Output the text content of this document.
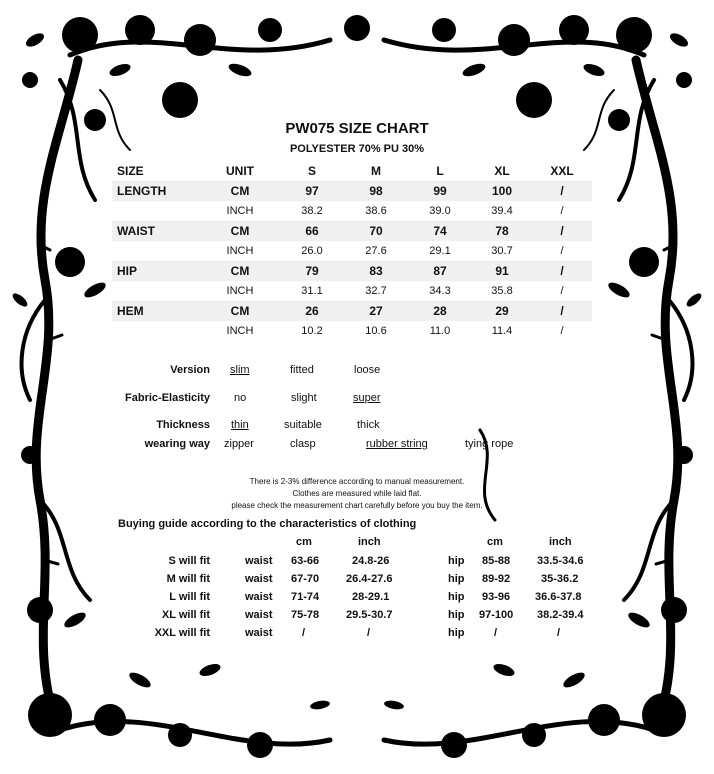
PW075 SIZE CHART
POLYESTER 70% PU 30%
SIZE	UNIT	S	M	L	XL	XXL
LENGTH	CM	97	98	99	100	/
	INCH	38.2	38.6	39.0	39.4	/
WAIST	CM	66	70	74	78	/
	INCH	26.0	27.6	29.1	30.7	/
HIP	CM	79	83	87	91	/
	INCH	31.1	32.7	34.3	35.8	/
HEM	CM	26	27	28	29	/
	INCH	10.2	10.6	11.0	11.4	/
Version slim	fitted	loose
Fabric-Elasticity no	slight	super
Thickness thin	suitable	thick
wearing way zipper	clasp	rubber string	tying rope
There is 2-3% difference according to manual measurement.
Clothes are measured while laid flat.
please check the measurement chart carefully before you buy the item.
Buying guide according to the characteristics of clothing
cm	inch	cm	inch
S will fit	waist 63-66	24.8-26	hip 85-88 33.5-34.6
M will fit	waist 67-70 26.4-27.6	hip 89-92	35-36.2
L will fit	waist 71-74	28-29.1	hip 93-96 36.6-37.8
XL will fit	waist 75-78 29.5-30.7	hip 97-100 38.2-39.4
XXL will fit	waist	/	/	hip	/	/
